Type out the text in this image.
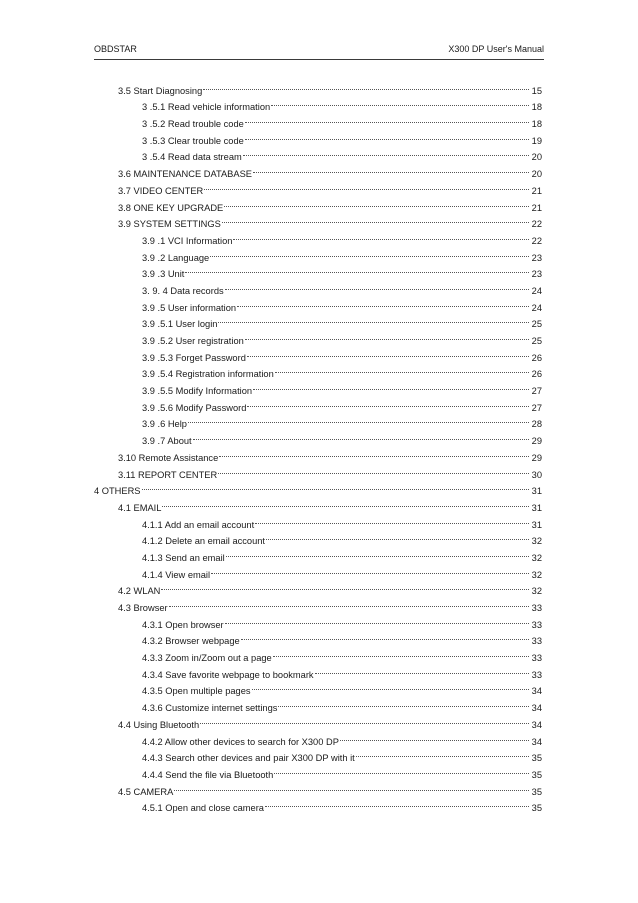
OBDSTAR	X300 DP User's Manual
3.5 Start Diagnosing	15
3 .5.1 Read vehicle information	18
3 .5.2 Read trouble code	18
3 .5.3 Clear trouble code	19
3 .5.4 Read data stream	20
3.6 MAINTENANCE DATABASE	20
3.7 VIDEO CENTER	21
3.8 ONE KEY UPGRADE	21
3.9 SYSTEM SETTINGS	22
3.9 .1 VCI Information	22
3.9 .2 Language	23
3.9 .3 Unit	23
3. 9. 4 Data records	24
3.9 .5 User information	24
3.9 .5.1 User login	25
3.9 .5.2 User registration	25
3.9 .5.3 Forget Password	26
3.9 .5.4 Registration information	26
3.9 .5.5 Modify Information	27
3.9 .5.6 Modify Password	27
3.9 .6 Help	28
3.9 .7 About	29
3.10 Remote Assistance	29
3.11 REPORT CENTER	30
4 OTHERS	31
4.1 EMAIL	31
4.1.1 Add an email account	31
4.1.2 Delete an email account	32
4.1.3 Send an email	32
4.1.4 View email	32
4.2 WLAN	32
4.3 Browser	33
4.3.1 Open browser	33
4.3.2 Browser webpage	33
4.3.3 Zoom in/Zoom out a page	33
4.3.4 Save favorite webpage to bookmark	33
4.3.5 Open multiple pages	34
4.3.6 Customize internet settings	34
4.4 Using Bluetooth	34
4.4.2 Allow other devices to search for X300 DP	34
4.4.3 Search other devices and pair X300 DP with it	35
4.4.4 Send the file via Bluetooth	35
4.5 CAMERA	35
4.5.1 Open and close camera	35
